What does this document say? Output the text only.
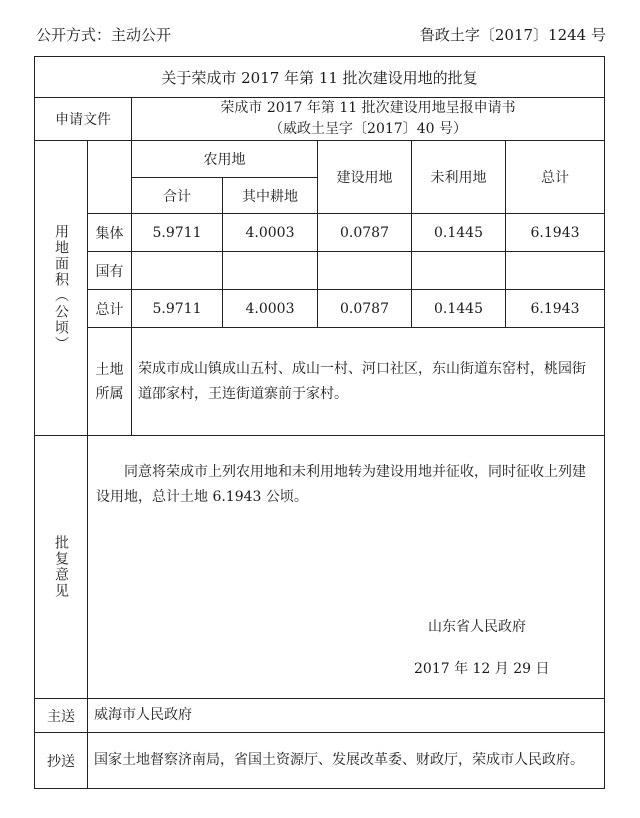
公开方式：主动公开	鲁政土字〔2017〕1244 号
关于荣成市 2017 年第 11 批次建设用地的批复						
申请文件		荣成市 2017 年第 11 批次建设用地呈报申请书
（威政土呈字〔2017〕40 号）				

用地面积（公顷）		农用地		建设用地	未利用地	总计
		合计	其中耕地			
	集体	5.9711	4.0003	0.0787	0.1445	6.1943
	国有					
	总计	5.9711	4.0003	0.0787	0.1445	6.1943

	土地所属	荣成市成山镇成山五村、成山一村、河口社区，东山街道东窑村，桃园街道邵家村，王连街道寨前于家村。				

批复意见	同意将荣成市上列农用地和未利用地转为建设用地并征收，同时征收上列建设用地，总计土地 6.1943 公顷。
山东省人民政府
2017 年 12 月 29 日					

主送	威海市人民政府					
抄送	国家土地督察济南局，省国土资源厅、发展改革委、财政厅，荣成市人民政府。					
